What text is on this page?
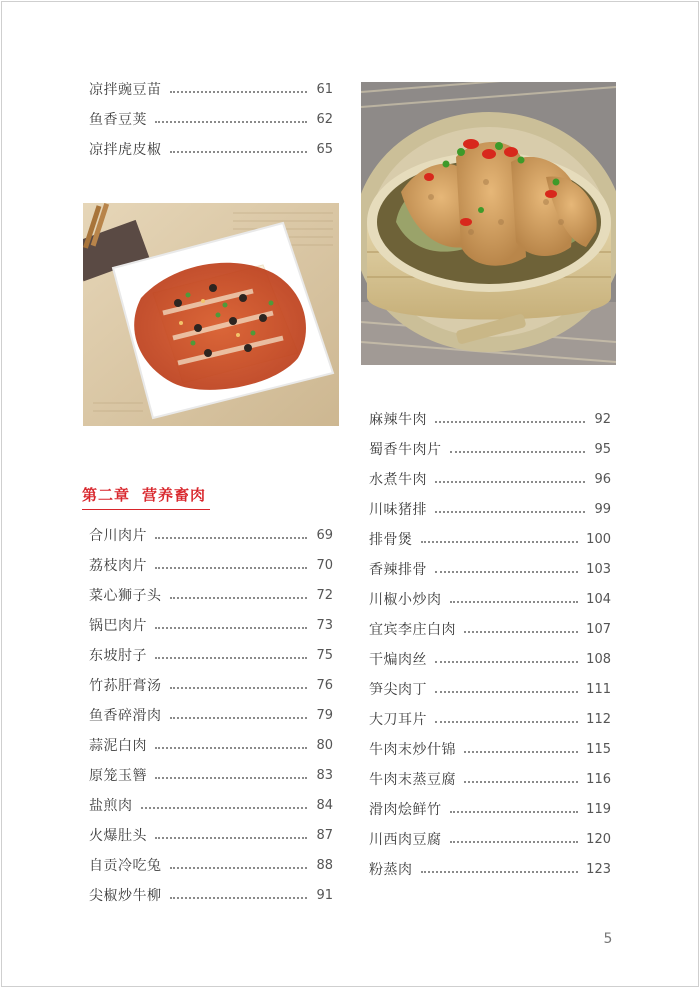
凉拌豌豆苗	61
鱼香豆荚	62
凉拌虎皮椒	65
第二章 营养畜肉
合川肉片	69
荔枝肉片	70
菜心狮子头	72
锅巴肉片	73
东坡肘子	75
竹荪肝膏汤	76
鱼香碎滑肉	79
蒜泥白肉	80
原笼玉簪	83
盐煎肉	84
火爆肚头	87
自贡冷吃兔	88
尖椒炒牛柳	91
麻辣牛肉	92
蜀香牛肉片	95
水煮牛肉	96
川味猪排	99
排骨煲	100
香辣排骨	103
川椒小炒肉	104
宜宾李庄白肉	107
干煸肉丝	108
笋尖肉丁	111
大刀耳片	112
牛肉末炒什锦	115
牛肉末蒸豆腐	116
滑肉烩鲜竹	119
川西肉豆腐	120
粉蒸肉	123
5
